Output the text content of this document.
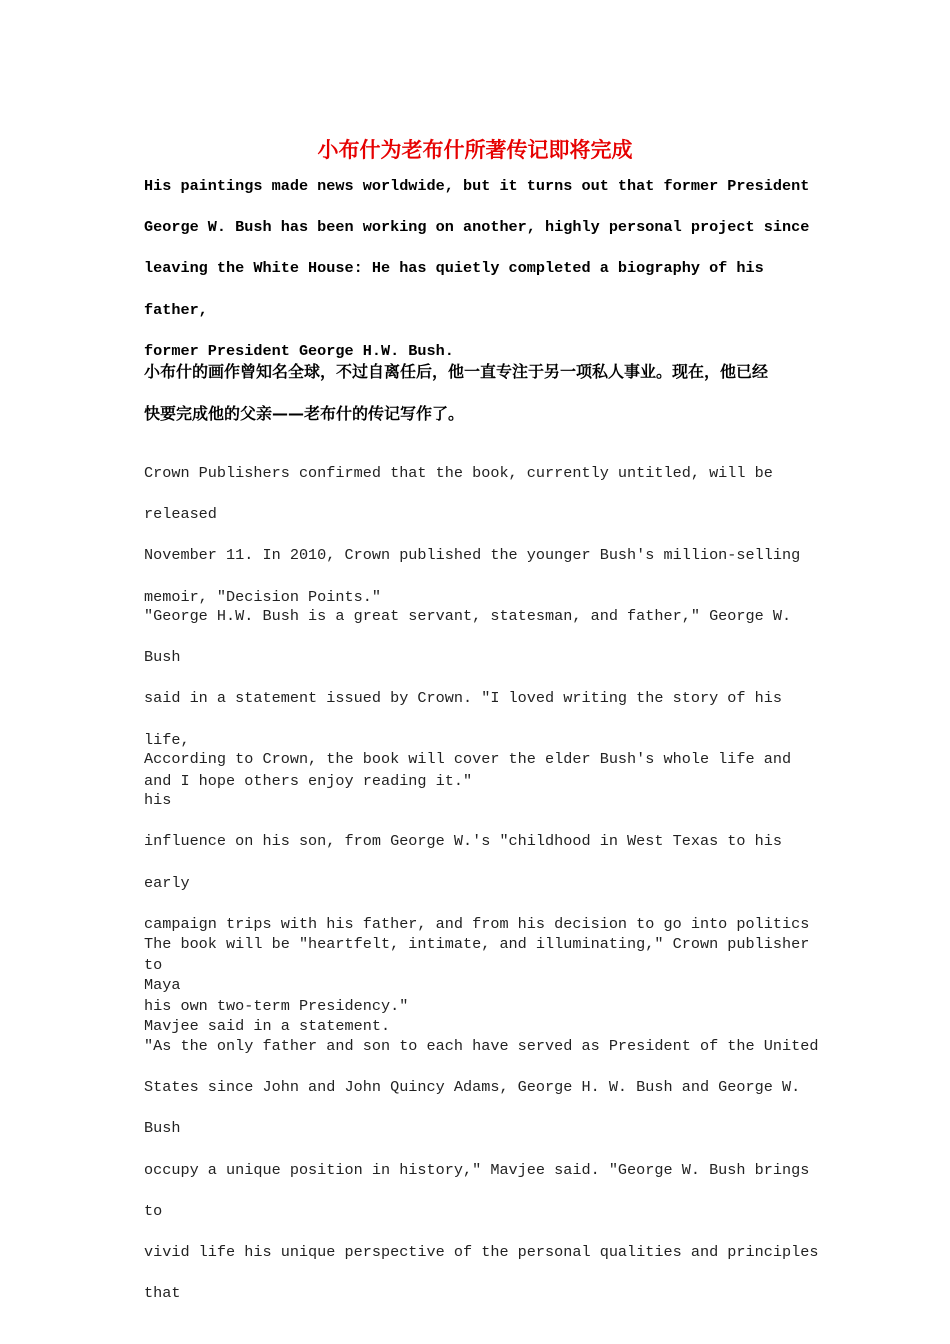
小布什为老布什所著传记即将完成

His paintings made news worldwide, but it turns out that former President
George W. Bush has been working on another, highly personal project since
leaving the White House: He has quietly completed a biography of his father,
former President George H.W. Bush.

小布什的画作曾知名全球，不过自离任后，他一直专注于另一项私人事业。现在，他已经
快要完成他的父亲——老布什的传记写作了。

Crown Publishers confirmed that the book, currently untitled, will be released
November 11. In 2010, Crown published the younger Bush's million-selling
memoir, "Decision Points."

"George H.W. Bush is a great servant, statesman, and father," George W. Bush
said in a statement issued by Crown. "I loved writing the story of his life,
and I hope others enjoy reading it."

According to Crown, the book will cover the elder Bush's whole life and his
influence on his son, from George W.'s "childhood in West Texas to his early
campaign trips with his father, and from his decision to go into politics to
his own two-term Presidency."

The book will be "heartfelt, intimate, and illuminating," Crown publisher Maya
Mavjee said in a statement.

"As the only father and son to each have served as President of the United
States since John and John Quincy Adams, George H. W. Bush and George W. Bush
occupy a unique position in history," Mavjee said. "George W. Bush brings to
vivid life his unique perspective of the personal qualities and principles that
